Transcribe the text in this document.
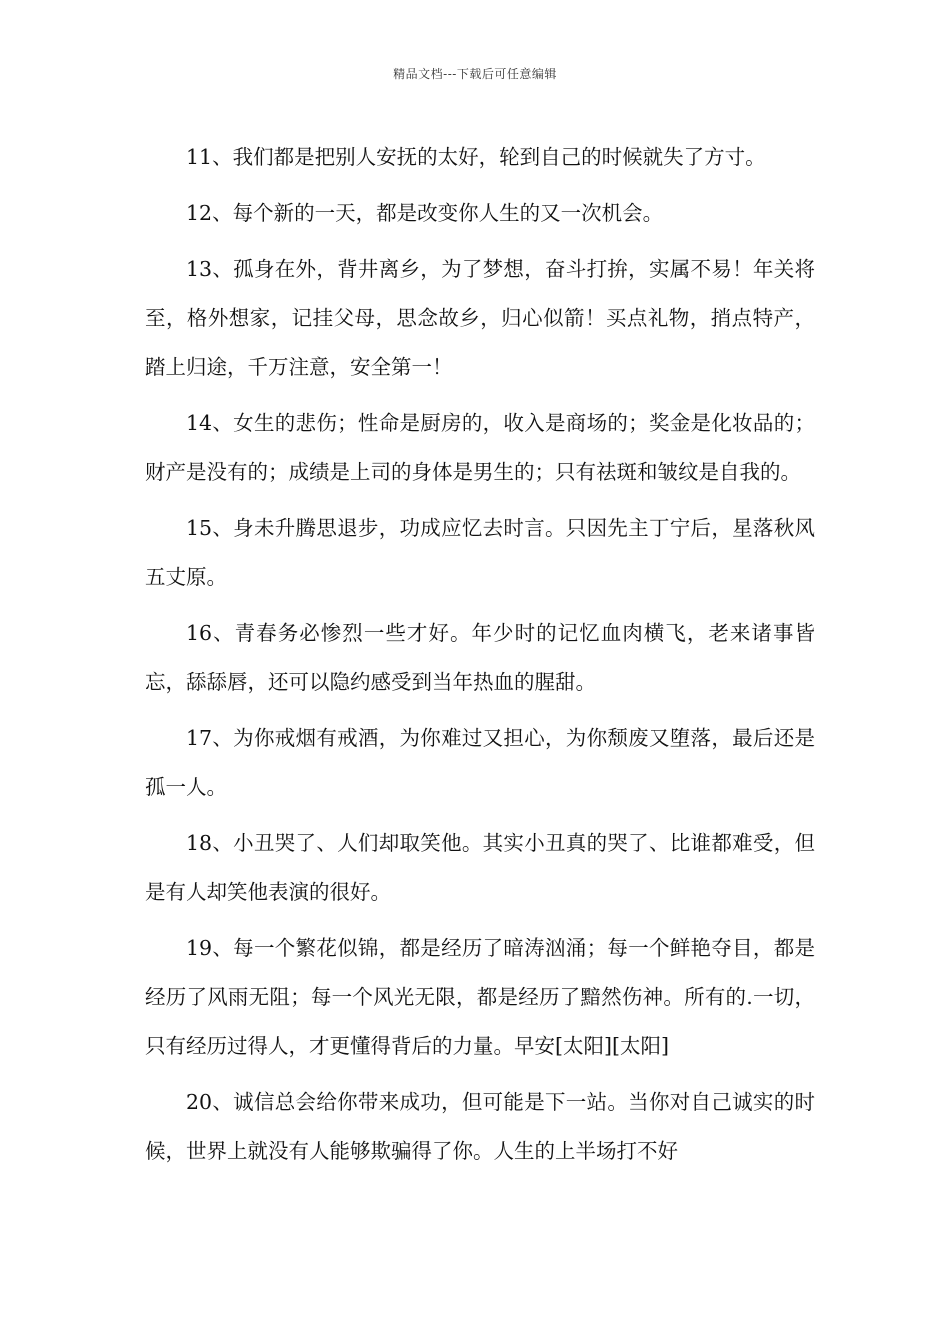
精品文档---下载后可任意编辑

11、我们都是把别人安抚的太好，轮到自己的时候就失了方寸。

12、每个新的一天，都是改变你人生的又一次机会。

13、孤身在外，背井离乡，为了梦想，奋斗打拚，实属不易！年关将至，格外想家，记挂父母，思念故乡，归心似箭！买点礼物，捎点特产，踏上归途，千万注意，安全第一！

14、女生的悲伤；性命是厨房的，收入是商场的；奖金是化妆品的；财产是没有的；成绩是上司的身体是男生的；只有祛斑和皱纹是自我的。

15、身未升腾思退步，功成应忆去时言。只因先主丁宁后，星落秋风五丈原。

16、青春务必惨烈一些才好。年少时的记忆血肉横飞，老来诸事皆忘，舔舔唇，还可以隐约感受到当年热血的腥甜。

17、为你戒烟有戒酒，为你难过又担心，为你颓废又堕落，最后还是孤一人。

18、小丑哭了、人们却取笑他。其实小丑真的哭了、比谁都难受，但是有人却笑他表演的很好。

19、每一个繁花似锦，都是经历了暗涛汹涌；每一个鲜艳夺目，都是经历了风雨无阻；每一个风光无限，都是经历了黯然伤神。所有的.一切，只有经历过得人，才更懂得背后的力量。早安[太阳][太阳]

20、诚信总会给你带来成功，但可能是下一站。当你对自己诚实的时候，世界上就没有人能够欺骗得了你。人生的上半场打不好
